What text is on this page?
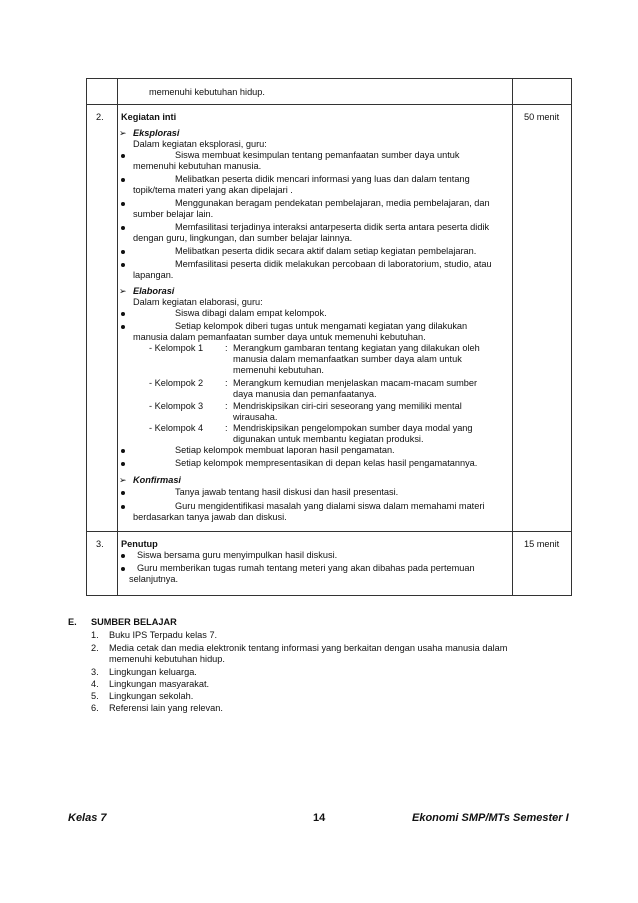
memenuhi kebutuhan hidup.
2. Kegiatan inti	50 menit
➢ Eksplorasi
Dalam kegiatan eksplorasi, guru:
Siswa membuat kesimpulan tentang pemanfaatan sumber daya untuk
memenuhi kebutuhan manusia.
Melibatkan peserta didik mencari informasi yang luas dan dalam tentang
topik/tema materi yang akan dipelajari .
Menggunakan beragam pendekatan pembelajaran, media pembelajaran, dan
sumber belajar lain.
Memfasilitasi terjadinya interaksi antarpeserta didik serta antara peserta didik
dengan guru, lingkungan, dan sumber belajar lainnya.
Melibatkan peserta didik secara aktif dalam setiap kegiatan pembelajaran.
Memfasilitasi peserta didik melakukan percobaan di laboratorium, studio, atau
lapangan.
➢ Elaborasi
Dalam kegiatan elaborasi, guru:
Siswa dibagi dalam empat kelompok.
Setiap kelompok diberi tugas untuk mengamati kegiatan yang dilakukan
manusia dalam pemanfaatan sumber daya untuk memenuhi kebutuhan.
- Kelompok 1 : Merangkum gambaran tentang kegiatan yang dilakukan oleh
manusia dalam memanfaatkan sumber daya alam untuk
memenuhi kebutuhan.
- Kelompok 2 : Merangkum kemudian menjelaskan macam-macam sumber
daya manusia dan pemanfaatanya.
- Kelompok 3 : Mendriskipsikan ciri-ciri seseorang yang memiliki mental
wirausaha.
- Kelompok 4 : Mendriskipsikan pengelompokan sumber daya modal yang
digunakan untuk membantu kegiatan produksi.
Setiap kelompok membuat laporan hasil pengamatan.
Setiap kelompok mempresentasikan di depan kelas hasil pengamatannya.
➢ Konfirmasi
Tanya jawab tentang hasil diskusi dan hasil presentasi.
Guru mengidentifikasi masalah yang dialami siswa dalam memahami materi
berdasarkan tanya jawab dan diskusi.
3. Penutup	15 menit
Siswa bersama guru menyimpulkan hasil diskusi.
Guru memberikan tugas rumah tentang meteri yang akan dibahas pada pertemuan
selanjutnya.
E. SUMBER BELAJAR
1. Buku IPS Terpadu kelas 7.
2. Media cetak dan media elektronik tentang informasi yang berkaitan dengan usaha manusia dalam
memenuhi kebutuhan hidup.
3. Lingkungan keluarga.
4. Lingkungan masyarakat.
5. Lingkungan sekolah.
6. Referensi lain yang relevan.
Kelas 7	14	Ekonomi SMP/MTs Semester I
